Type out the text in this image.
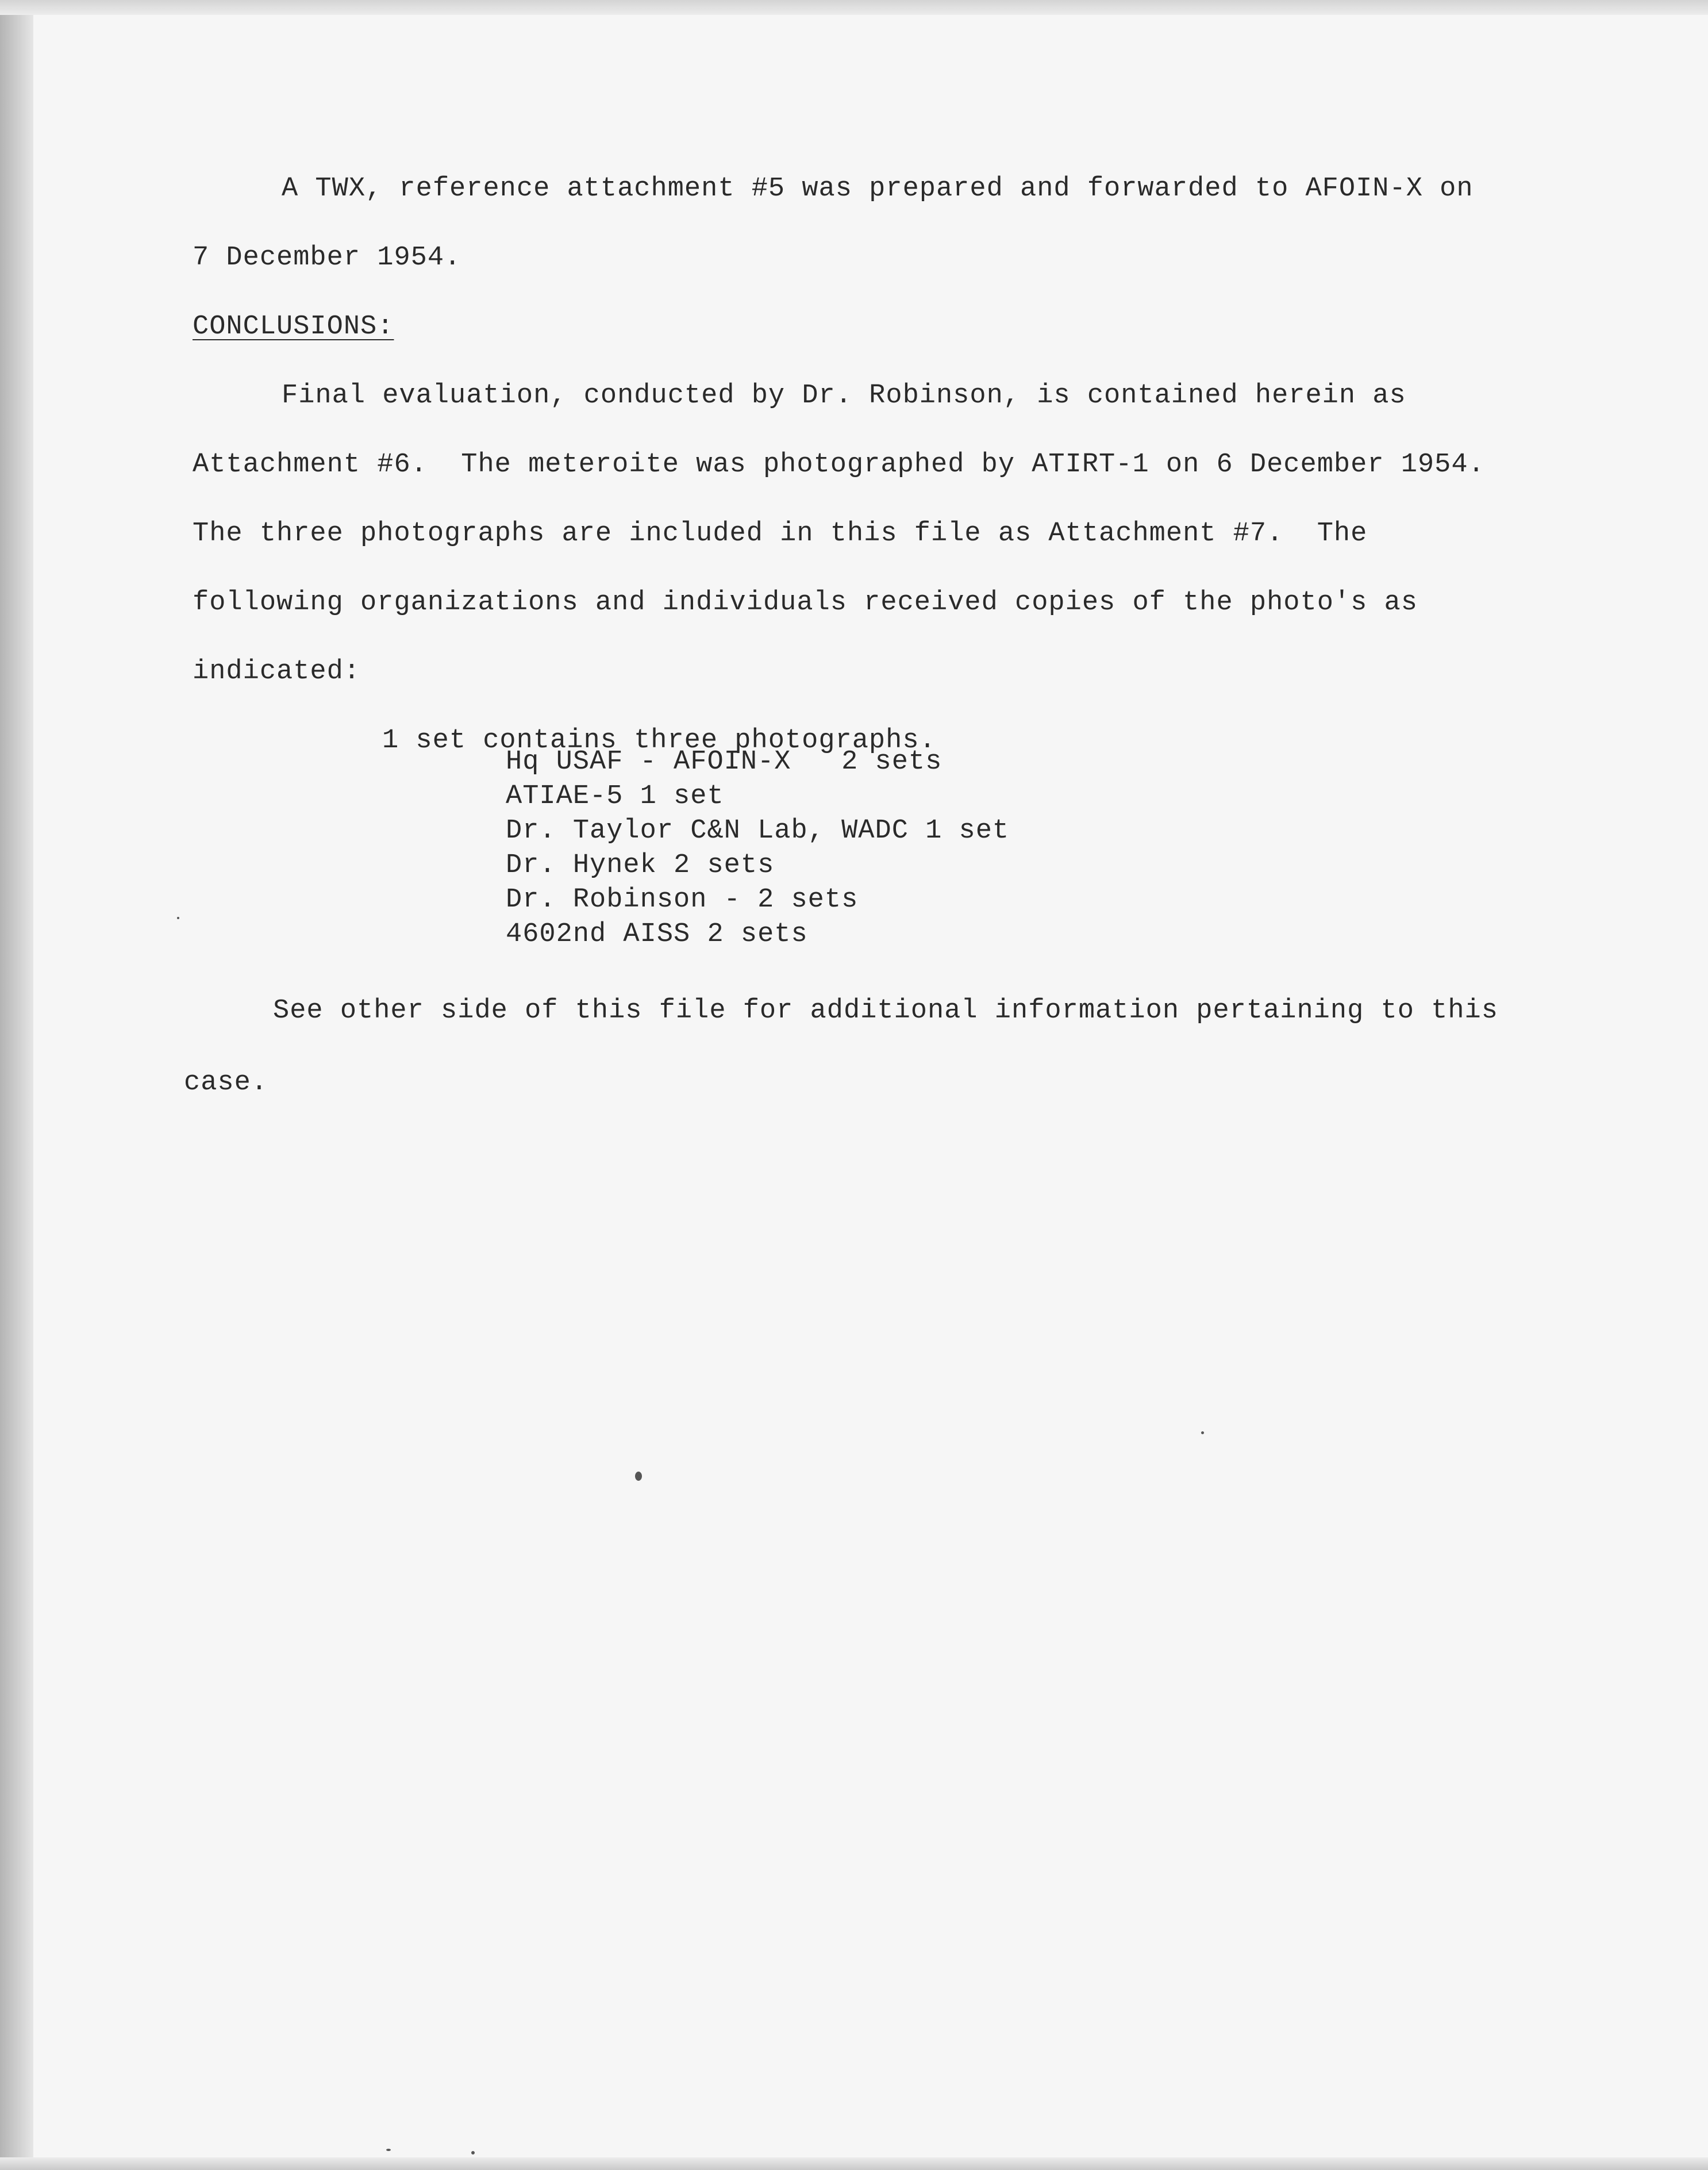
A TWX, reference attachment #5 was prepared and forwarded to AFOIN-X on

7 December 1954.

CONCLUSIONS:

Final evaluation, conducted by Dr. Robinson, is contained herein as

Attachment #6.  The meteroite was photographed by ATIRT-1 on 6 December 1954.

The three photographs are included in this file as Attachment #7.  The

following organizations and individuals received copies of the photo's as

indicated:

1 set contains three photographs.

Hq USAF - AFOIN-X   2 sets
ATIAE-5 1 set
Dr. Taylor C&N Lab, WADC 1 set
Dr. Hynek 2 sets
Dr. Robinson - 2 sets
4602nd AISS 2 sets

See other side of this file for additional information pertaining to this

case.
